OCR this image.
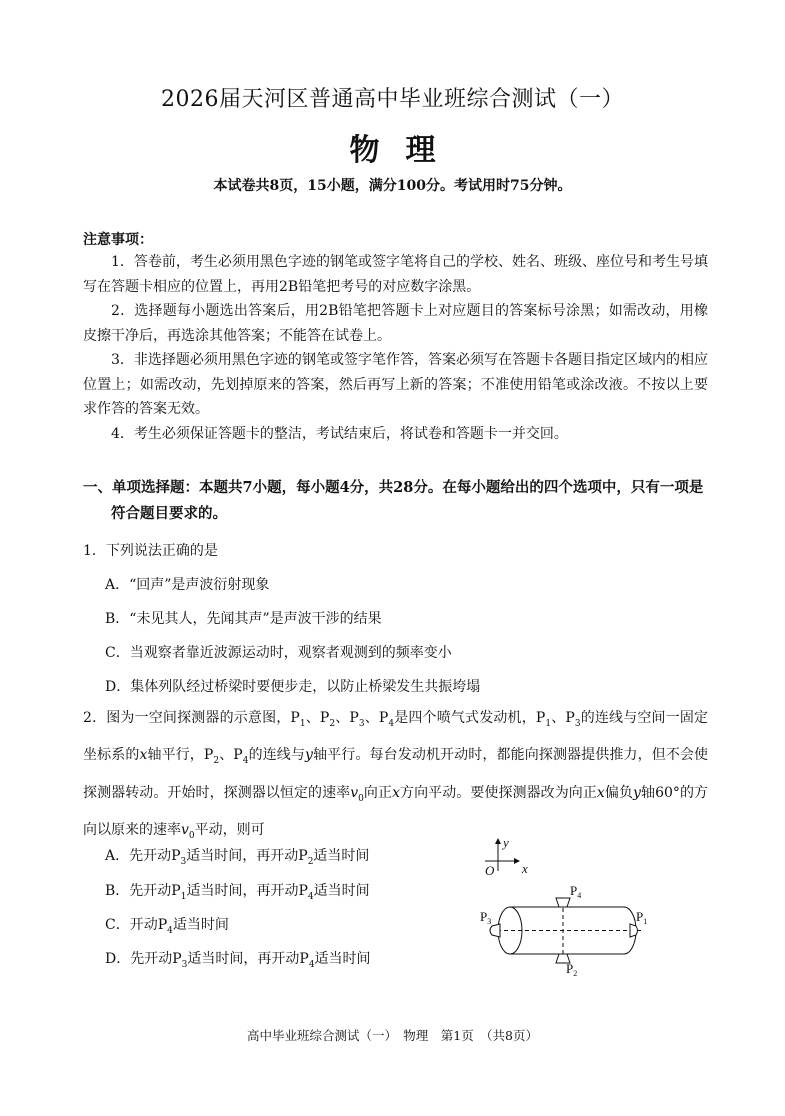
2026届天河区普通高中毕业班综合测试（一）
物理
本试卷共8页，15小题，满分100分。考试用时75分钟。
注意事项：
1．答卷前，考生必须用黑色字迹的钢笔或签字笔将自己的学校、姓名、班级、座位号和考生号填写在答题卡相应的位置上，再用2B铅笔把考号的对应数字涂黑。
2．选择题每小题选出答案后，用2B铅笔把答题卡上对应题目的答案标号涂黑；如需改动，用橡皮擦干净后，再选涂其他答案；不能答在试卷上。
3．非选择题必须用黑色字迹的钢笔或签字笔作答，答案必须写在答题卡各题目指定区域内的相应位置上；如需改动，先划掉原来的答案，然后再写上新的答案；不准使用铅笔或涂改液。不按以上要求作答的答案无效。
4．考生必须保证答题卡的整洁，考试结束后，将试卷和答题卡一并交回。
一、单项选择题：本题共7小题，每小题4分，共28分。在每小题给出的四个选项中，只有一项是符合题目要求的。
1．下列说法正确的是
A．“回声”是声波衍射现象
B．“未见其人，先闻其声”是声波干涉的结果
C．当观察者靠近波源运动时，观察者观测到的频率变小
D．集体列队经过桥梁时要便步走，以防止桥梁发生共振垮塌
2．图为一空间探测器的示意图，$P_1$、$P_2$、$P_3$、$P_4$是四个喷气式发动机，$P_1$、$P_3$的连线与空间一固定坐标系的x轴平行，$P_2$、$P_4$的连线与y轴平行。每台发动机开动时，都能向探测器提供推力，但不会使探测器转动。开始时，探测器以恒定的速率$v_0$向正x方向平动。要使探测器改为向正x偏负y轴60°的方向以原来的速率$v_0$平动，则可
A．先开动$P_3$适当时间，再开动$P_2$适当时间
B．先开动$P_1$适当时间，再开动$P_4$适当时间
C．开动$P_4$适当时间
D．先开动$P_3$适当时间，再开动$P_4$适当时间
x
y
O
$P_4$
$P_2$
$P_3$	$P_1$
高中毕业班综合测试（一）　物理　第1页　（共8页）
